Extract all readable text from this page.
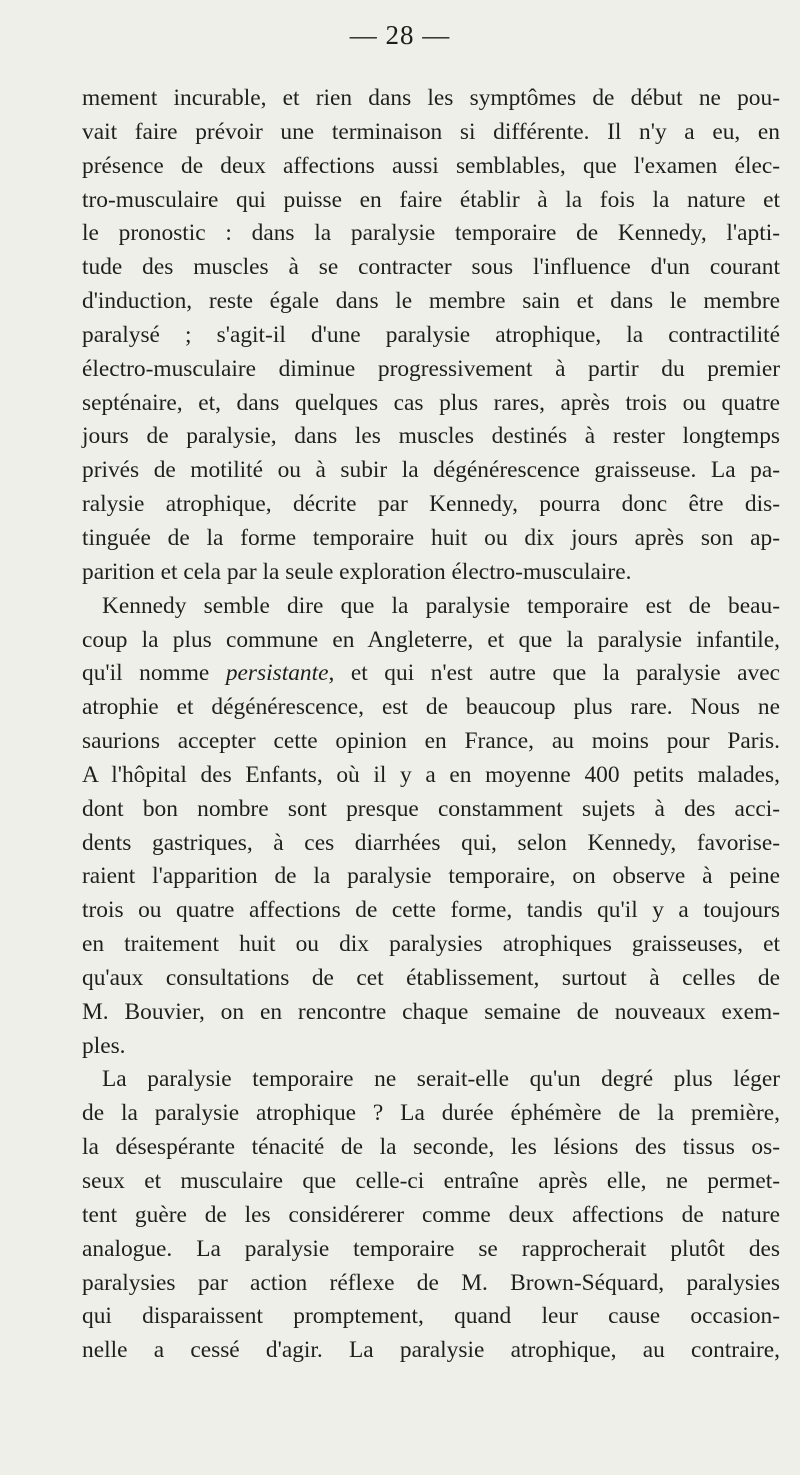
— 28 —
mement incurable, et rien dans les symptômes de début ne pou-
vait faire prévoir une terminaison si différente. Il n'y a eu, en
présence de deux affections aussi semblables, que l'examen élec-
tro-musculaire qui puisse en faire établir à la fois la nature et
le pronostic : dans la paralysie temporaire de Kennedy, l'apti-
tude des muscles à se contracter sous l'influence d'un courant
d'induction, reste égale dans le membre sain et dans le membre
paralysé ; s'agit-il d'une paralysie atrophique, la contractilité
électro-musculaire diminue progressivement à partir du premier
septénaire, et, dans quelques cas plus rares, après trois ou quatre
jours de paralysie, dans les muscles destinés à rester longtemps
privés de motilité ou à subir la dégénérescence graisseuse. La pa-
ralysie atrophique, décrite par Kennedy, pourra donc être dis-
tinguée de la forme temporaire huit ou dix jours après son ap-
parition et cela par la seule exploration électro-musculaire.
Kennedy semble dire que la paralysie temporaire est de beau-
coup la plus commune en Angleterre, et que la paralysie infantile,
qu'il nomme persistante, et qui n'est autre que la paralysie avec
atrophie et dégénérescence, est de beaucoup plus rare. Nous ne
saurions accepter cette opinion en France, au moins pour Paris.
A l'hôpital des Enfants, où il y a en moyenne 400 petits malades,
dont bon nombre sont presque constamment sujets à des acci-
dents gastriques, à ces diarrhées qui, selon Kennedy, favorise-
raient l'apparition de la paralysie temporaire, on observe à peine
trois ou quatre affections de cette forme, tandis qu'il y a toujours
en traitement huit ou dix paralysies atrophiques graisseuses, et
qu'aux consultations de cet établissement, surtout à celles de
M. Bouvier, on en rencontre chaque semaine de nouveaux exem-
ples.
La paralysie temporaire ne serait-elle qu'un degré plus léger
de la paralysie atrophique ? La durée éphémère de la première,
la désespérante ténacité de la seconde, les lésions des tissus os-
seux et musculaire que celle-ci entraîne après elle, ne permet-
tent guère de les considérerer comme deux affections de nature
analogue. La paralysie temporaire se rapprocherait plutôt des
paralysies par action réflexe de M. Brown-Séquard, paralysies
qui disparaissent promptement, quand leur cause occasion-
nelle a cessé d'agir. La paralysie atrophique, au contraire,
